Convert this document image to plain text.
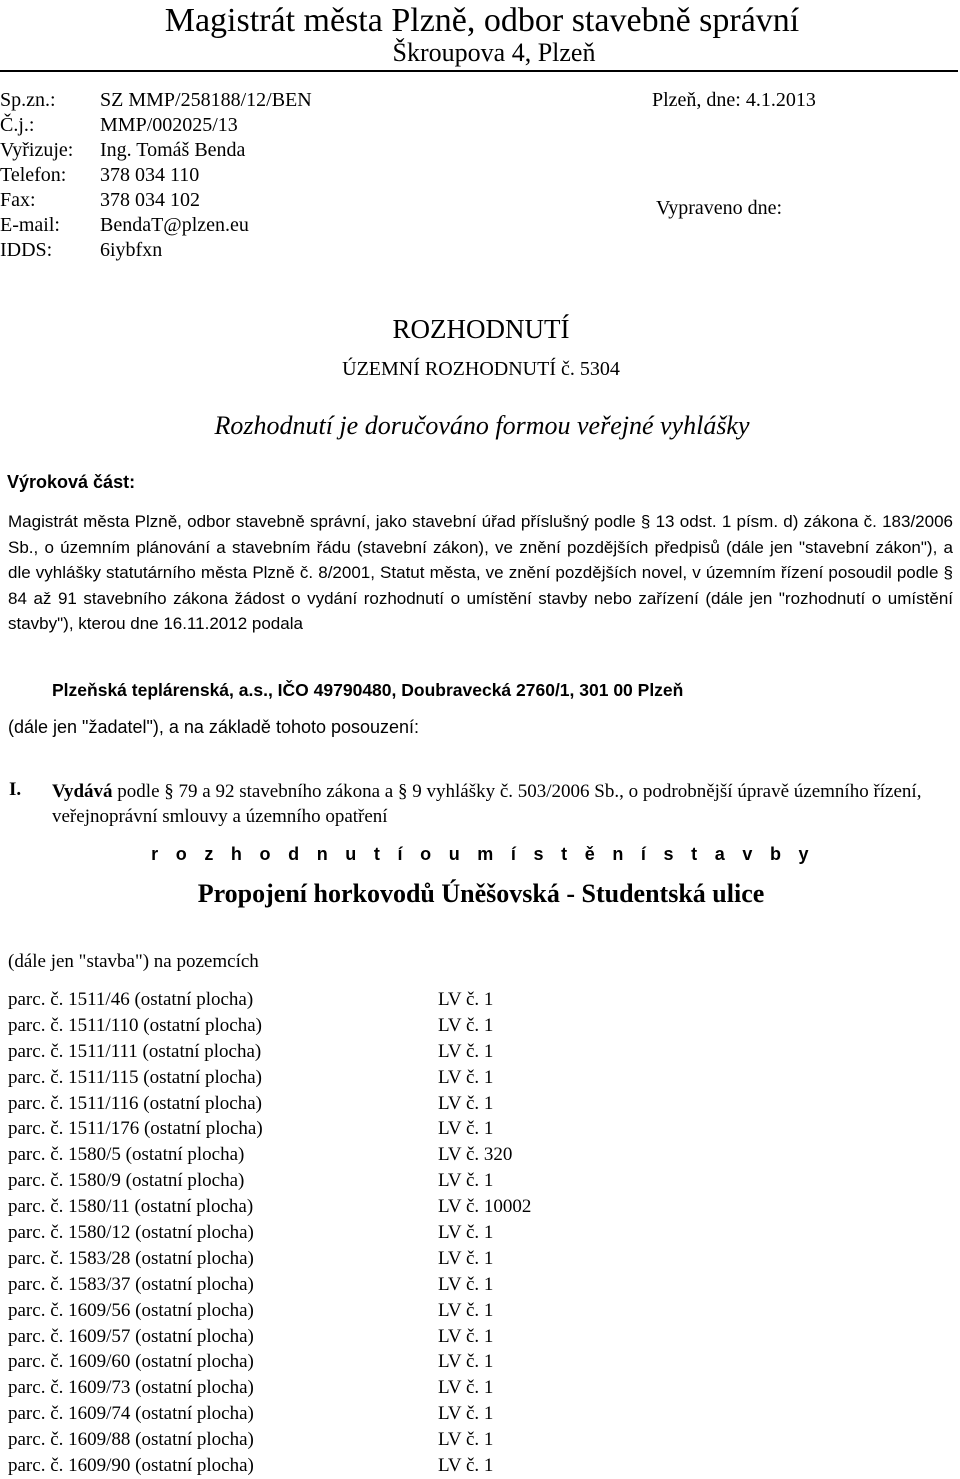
Magistrát města Plzně, odbor stavebně správní
Škroupova 4, Plzeň
Sp.zn.:	SZ MMP/258188/12/BEN
Č.j.:	MMP/002025/13
Vyřizuje:	Ing. Tomáš Benda
Telefon:	378 034 110
Fax:	378 034 102
E-mail:	BendaT@plzen.eu
IDDS:	6iybfxn
Plzeň, dne: 4.1.2013
Vypraveno dne:
ROZHODNUTÍ
ÚZEMNÍ ROZHODNUTÍ č. 5304
Rozhodnutí je doručováno formou veřejné vyhlášky
Výroková část:
Magistrát města Plzně, odbor stavebně správní, jako stavební úřad příslušný podle § 13 odst. 1 písm. d) zákona č. 183/2006 Sb., o územním plánování a stavebním řádu (stavební zákon), ve znění pozdějších předpisů (dále jen "stavební zákon"), a dle vyhlášky statutárního města Plzně č. 8/2001, Statut města, ve znění pozdějších novel, v územním řízení posoudil podle § 84 až 91 stavebního zákona žádost o vydání rozhodnutí o umístění stavby nebo zařízení (dále jen "rozhodnutí o umístění stavby"), kterou dne 16.11.2012 podala
Plzeňská teplárenská, a.s., IČO 49790480, Doubravecká 2760/1, 301 00 Plzeň
(dále jen "žadatel"), a na základě tohoto posouzení:
I. Vydává podle § 79 a 92 stavebního zákona a § 9 vyhlášky č. 503/2006 Sb., o podrobnější úpravě územního řízení, veřejnoprávní smlouvy a územního opatření
r o z h o d n u t í o u m í s t ě n í s t a v b y
Propojení horkovodů Úněšovská - Studentská ulice
(dále jen "stavba") na pozemcích
parc. č. 1511/46 (ostatní plocha)	LV č. 1
parc. č. 1511/110 (ostatní plocha)	LV č. 1
parc. č. 1511/111 (ostatní plocha)	LV č. 1
parc. č. 1511/115 (ostatní plocha)	LV č. 1
parc. č. 1511/116 (ostatní plocha)	LV č. 1
parc. č. 1511/176 (ostatní plocha)	LV č. 1
parc. č. 1580/5 (ostatní plocha)	LV č. 320
parc. č. 1580/9 (ostatní plocha)	LV č. 1
parc. č. 1580/11 (ostatní plocha)	LV č. 10002
parc. č. 1580/12 (ostatní plocha)	LV č. 1
parc. č. 1583/28 (ostatní plocha)	LV č. 1
parc. č. 1583/37 (ostatní plocha)	LV č. 1
parc. č. 1609/56 (ostatní plocha)	LV č. 1
parc. č. 1609/57 (ostatní plocha)	LV č. 1
parc. č. 1609/60 (ostatní plocha)	LV č. 1
parc. č. 1609/73 (ostatní plocha)	LV č. 1
parc. č. 1609/74 (ostatní plocha)	LV č. 1
parc. č. 1609/88 (ostatní plocha)	LV č. 1
parc. č. 1609/90 (ostatní plocha)	LV č. 1
